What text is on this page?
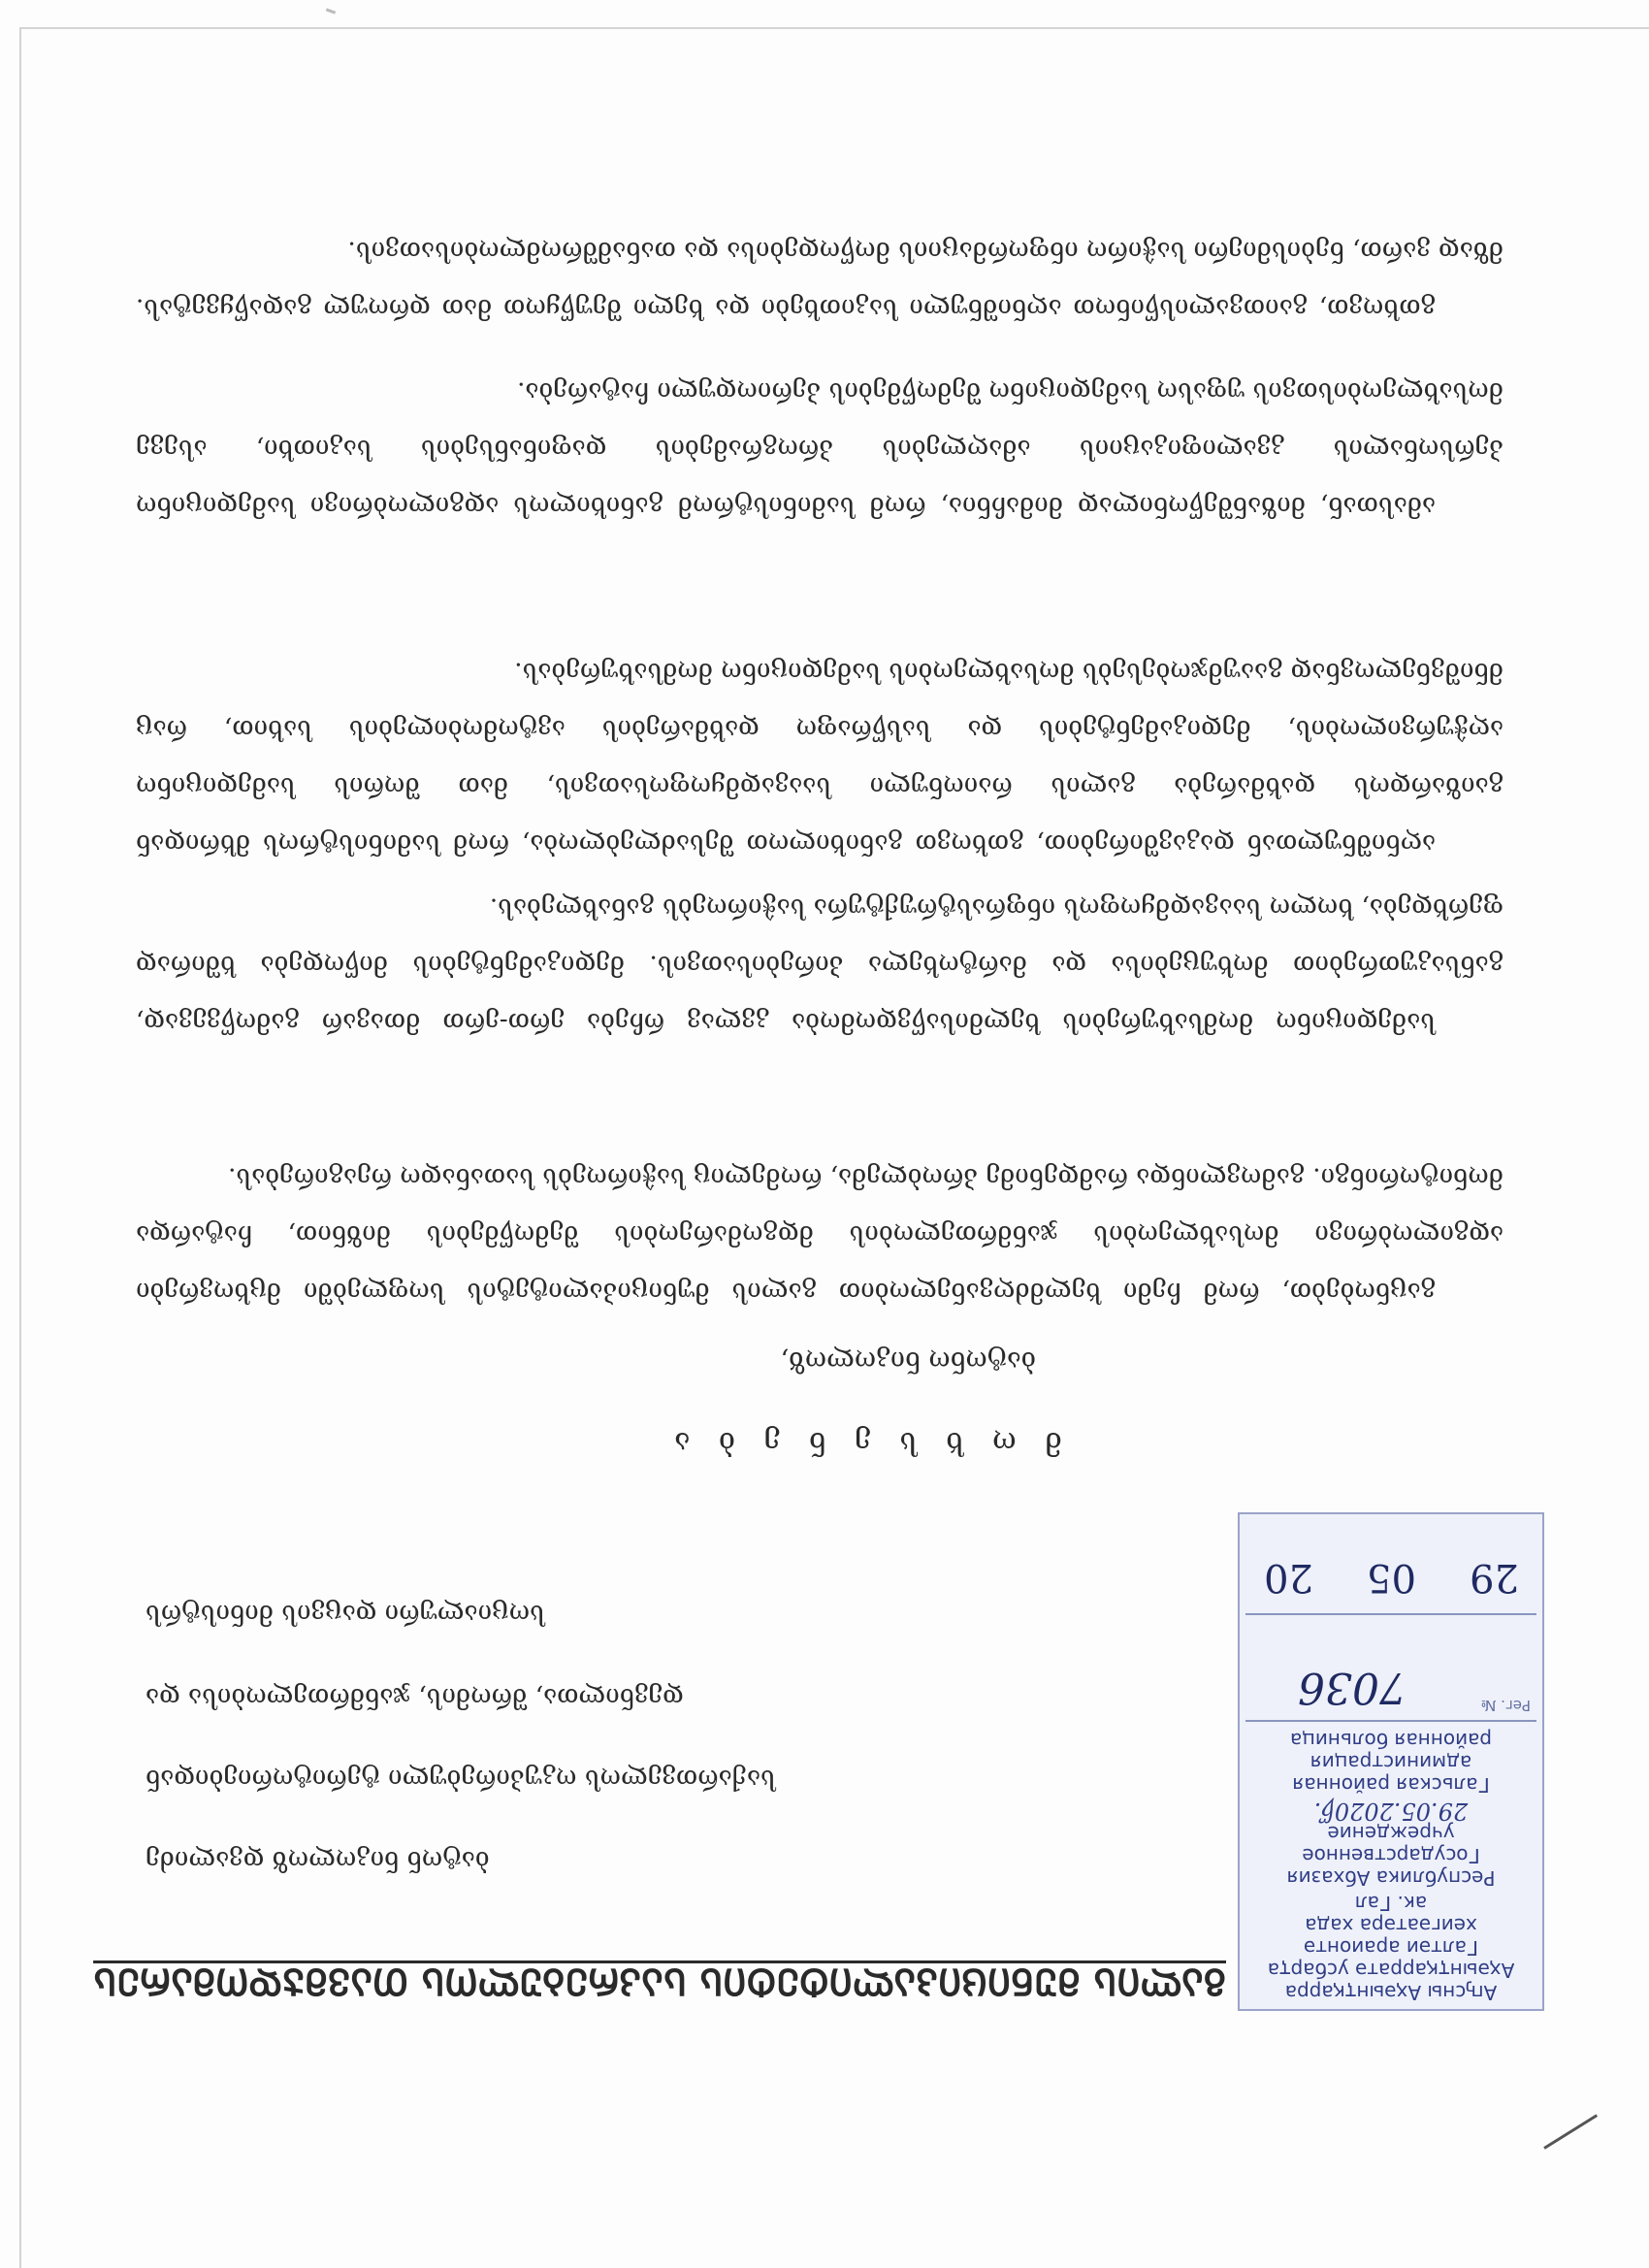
ᲒᲐᲚᲘᲡ ᲛᲣᲜᲘᲪᲘᲞᲐᲚᲘᲢᲔᲢᲘᲡ ᲡᲐᲙᲠᲔᲑᲣᲚᲝᲡ ᲗᲐᲕᲛᲯᲓᲝᲛᲐᲠᲔᲡ	Аҧсны Аҳәынҭқарра
Аҳәынҭқарратә усбарҭа
Галтәи араионтә
хеигәатәра хада
ак. Гал
Республика Абхазия
Государственное
учреждение
29.05.2020წ.
Гальская районная
администрация
районная больница
Рег. №
7036
29
05
20
ბატონ ნიკოლოზ დვალიძე
საქართველოს ოკუპირებული ტერიტორიებიდან
დევნილთა, შრომის, ჯანმრთელობისა და
სოციალური დაცვის მინისტრს
მ ო ხ ს ე ნ ე ბ ა
ბატონო ნიკოლოზ,
გაცნობებთ, რომ ჩემი ხელმძღვანელობით გალის მუნიციპალიტეტის სოფლებში მცხოვრები ადგილობრივი მოსახლეობის ჯანმრთელობის მდგომარეობის შემოწმების მიზნით, ჩატარდა მონიტორინგი. გამოვლინდა რამდენიმე პრობლემა, რომელიც საჭიროებს სათანადო რეაგირებას.
სამედიცინო მომსახურების ხელმისაწვდომობა კვლავ რჩება ერთ-ერთ მთავარ გამოწვევად, განსაკუთრებით მოხუცებისა და მარტოხელა პირებისათვის. მედიკამენტების მიწოდება ხშირად ფერხდება, ხოლო საავადმყოფოს ინფრასტრუქტურა საჭიროებს განახლებას.
აღნიშნულთან დაკავშირებით, გთხოვთ განიხილოთ შესაძლებლობა, რომ სამინისტროს მხრიდან გაიზარდოს დახმარება გალის რაიონული საავადმყოფოსათვის, მათ შორის სამედიცინო აღჭურვილობის, მედიკამენტების და სასწრაფო დახმარების ავტომობილების სახით, რაც მნიშვნელოვნად გააუმჯობესებს მოსახლეობის სამედიცინო მომსახურებას.
ამასთან, მიზანშეწონილად მიმაჩნია, რომ სამინისტრომ განიხილოს ადგილობრივი სამედიცინო პერსონალის კვალიფიკაციის ამაღლების პროგრამების დაფინანსების საკითხი, ასევე მოსახლეობისთვის უფასო სამედიცინო შემოწმების პერიოდული ჩატარება.
გთხოვთ, გაითვალისწინოთ აღნიშნული საკითხები და ხელი შეუწყოთ მათ დროულ გადაწყვეტას. მზად ვართ, ნებისმიერი საჭირო ინფორმაციის მოწოდებისა და თანამშრომლობისათვის.
